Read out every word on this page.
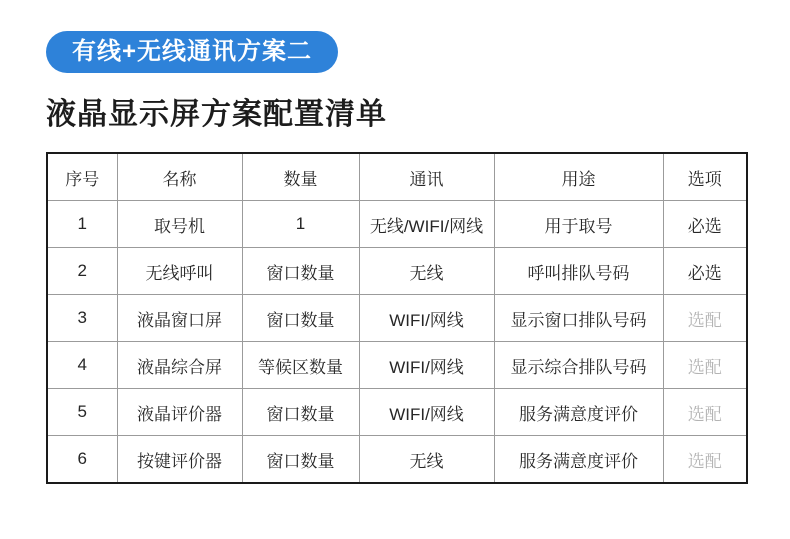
有线+无线通讯方案二
液晶显示屏方案配置清单
序号	名称	数量	通讯	用途	选项
1	取号机	1	无线/WIFI/网线	用于取号	必选
2	无线呼叫	窗口数量	无线	呼叫排队号码	必选
3	液晶窗口屏	窗口数量	WIFI/网线	显示窗口排队号码	选配
4	液晶综合屏	等候区数量	WIFI/网线	显示综合排队号码	选配
5	液晶评价器	窗口数量	WIFI/网线	服务满意度评价	选配
6	按键评价器	窗口数量	无线	服务满意度评价	选配
